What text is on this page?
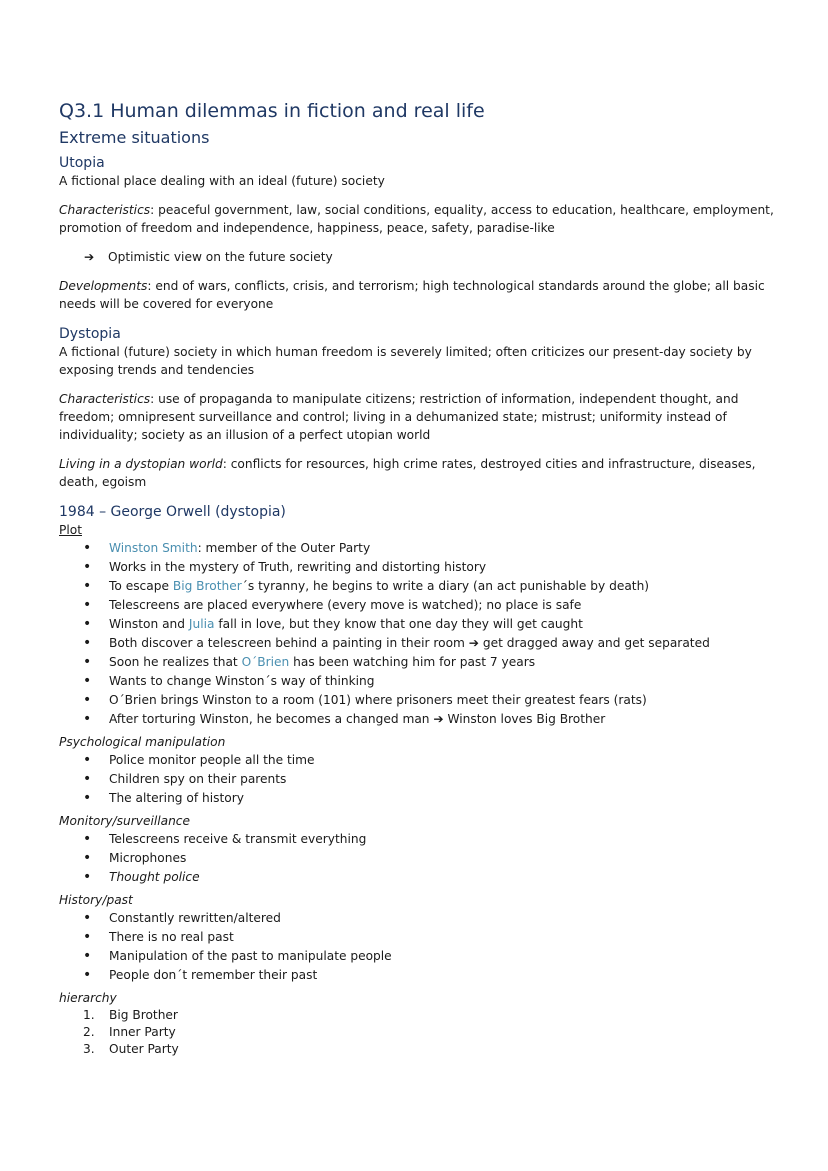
Q3.1 Human dilemmas in fiction and real life
Extreme situations
Utopia

A fictional place dealing with an ideal (future) society

Characteristics: peaceful government, law, social conditions, equality, access to education, healthcare, employment, promotion of freedom and independence, happiness, peace, safety, paradise-like

➔ Optimistic view on the future society

Developments: end of wars, conflicts, crisis, and terrorism; high technological standards around the globe; all basic needs will be covered for everyone

Dystopia

A fictional (future) society in which human freedom is severely limited; often criticizes our present-day society by exposing trends and tendencies

Characteristics: use of propaganda to manipulate citizens; restriction of information, independent thought, and freedom; omnipresent surveillance and control; living in a dehumanized state; mistrust; uniformity instead of individuality; society as an illusion of a perfect utopian world

Living in a dystopian world: conflicts for resources, high crime rates, destroyed cities and infrastructure, diseases, death, egoism

1984 – George Orwell (dystopia)

Plot

• Winston Smith: member of the Outer Party
• Works in the mystery of Truth, rewriting and distorting history
• To escape Big Brother´s tyranny, he begins to write a diary (an act punishable by death)
• Telescreens are placed everywhere (every move is watched); no place is safe
• Winston and Julia fall in love, but they know that one day they will get caught
• Both discover a telescreen behind a painting in their room ➔ get dragged away and get separated
• Soon he realizes that O´Brien has been watching him for past 7 years
• Wants to change Winston´s way of thinking
• O´Brien brings Winston to a room (101) where prisoners meet their greatest fears (rats)
• After torturing Winston, he becomes a changed man ➔ Winston loves Big Brother

Psychological manipulation

• Police monitor people all the time
• Children spy on their parents
• The altering of history

Monitory/surveillance

• Telescreens receive & transmit everything
• Microphones
• Thought police

History/past

• Constantly rewritten/altered
• There is no real past
• Manipulation of the past to manipulate people
• People don´t remember their past

hierarchy

1.	Big Brother
2.	Inner Party
3.	Outer Party
